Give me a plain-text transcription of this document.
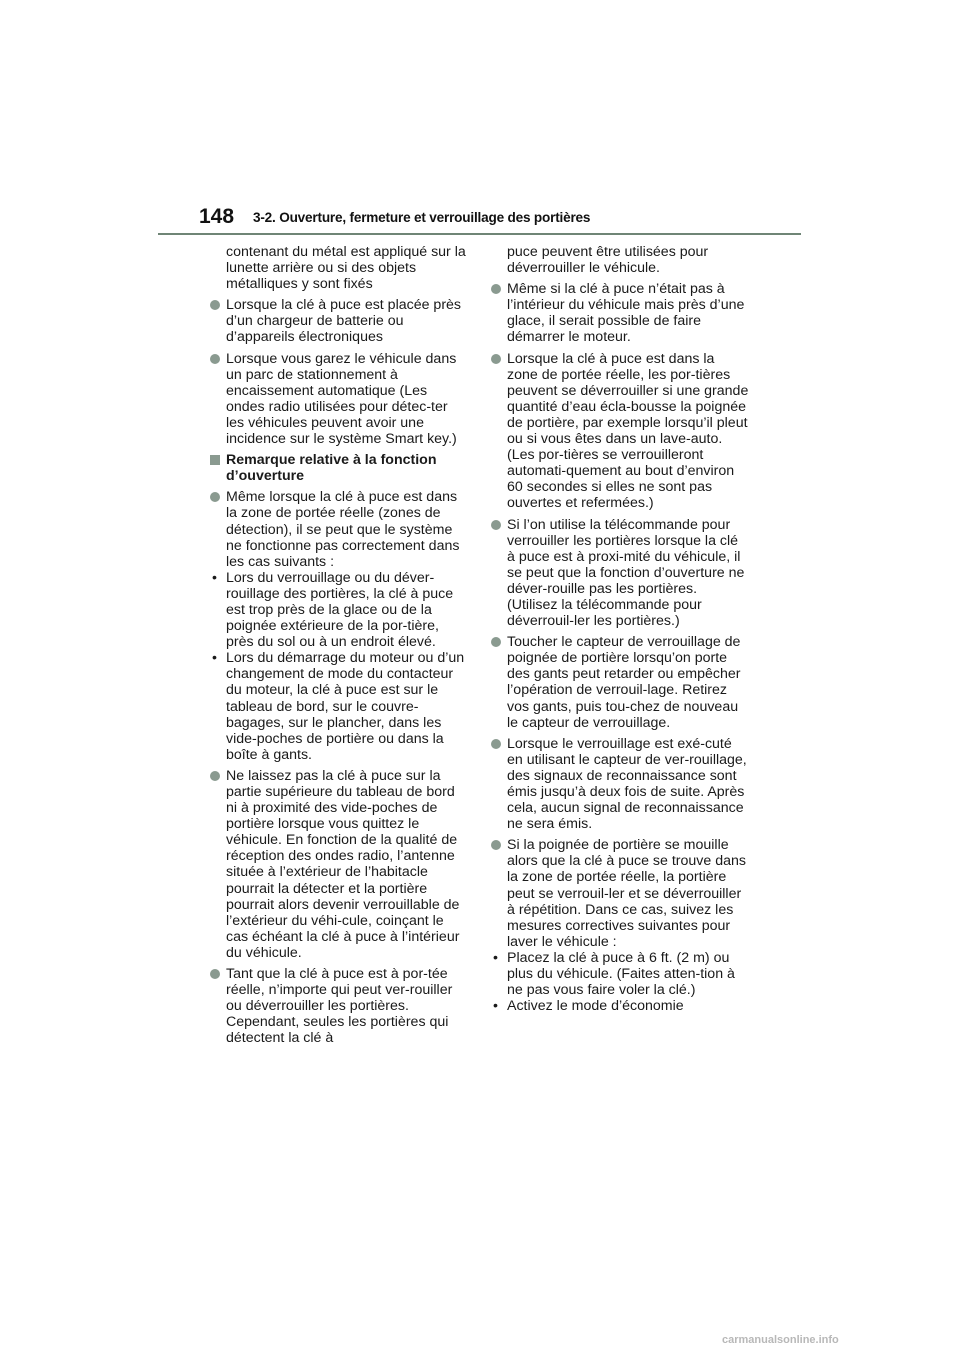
148 3-2. Ouverture, fermeture et verrouillage des portières
contenant du métal est appliqué sur la lunette arrière ou si des objets métalliques y sont fixés
Lorsque la clé à puce est placée près d’un chargeur de batterie ou d’appareils électroniques
Lorsque vous garez le véhicule dans un parc de stationnement à encaissement automatique (Les ondes radio utilisées pour détec-ter les véhicules peuvent avoir une incidence sur le système Smart key.)
Remarque relative à la fonction d’ouverture
Même lorsque la clé à puce est dans la zone de portée réelle (zones de détection), il se peut que le système ne fonctionne pas correctement dans les cas suivants :
• Lors du verrouillage ou du déver-rouillage des portières, la clé à puce est trop près de la glace ou de la poignée extérieure de la por-tière, près du sol ou à un endroit élevé.
• Lors du démarrage du moteur ou d’un changement de mode du contacteur du moteur, la clé à puce est sur le tableau de bord, sur le couvre-bagages, sur le plancher, dans les vide-poches de portière ou dans la boîte à gants.
Ne laissez pas la clé à puce sur la partie supérieure du tableau de bord ni à proximité des vide-poches de portière lorsque vous quittez le véhicule. En fonction de la qualité de réception des ondes radio, l’antenne située à l’extérieur de l’habitacle pourrait la détecter et la portière pourrait alors devenir verrouillable de l’extérieur du véhi-cule, coinçant le cas échéant la clé à puce à l’intérieur du véhicule.
Tant que la clé à puce est à por-tée réelle, n’importe qui peut ver-rouiller ou déverrouiller les portières. Cependant, seules les portières qui détectent la clé à
puce peuvent être utilisées pour déverrouiller le véhicule.
Même si la clé à puce n’était pas à l’intérieur du véhicule mais près d’une glace, il serait possible de faire démarrer le moteur.
Lorsque la clé à puce est dans la zone de portée réelle, les por-tières peuvent se déverrouiller si une grande quantité d’eau écla-bousse la poignée de portière, par exemple lorsqu’il pleut ou si vous êtes dans un lave-auto. (Les por-tières se verrouilleront automati-quement au bout d’environ 60 secondes si elles ne sont pas ouvertes et refermées.)
Si l’on utilise la télécommande pour verrouiller les portières lorsque la clé à puce est à proxi-mité du véhicule, il se peut que la fonction d’ouverture ne déver-rouille pas les portières. (Utilisez la télécommande pour déverrouil-ler les portières.)
Toucher le capteur de verrouillage de poignée de portière lorsqu’on porte des gants peut retarder ou empêcher l’opération de verrouil-lage. Retirez vos gants, puis tou-chez de nouveau le capteur de verrouillage.
Lorsque le verrouillage est exé-cuté en utilisant le capteur de ver-rouillage, des signaux de reconnaissance sont émis jusqu’à deux fois de suite. Après cela, aucun signal de reconnaissance ne sera émis.
Si la poignée de portière se mouille alors que la clé à puce se trouve dans la zone de portée réelle, la portière peut se verrouil-ler et se déverrouiller à répétition. Dans ce cas, suivez les mesures correctives suivantes pour laver le véhicule :
• Placez la clé à puce à 6 ft. (2 m) ou plus du véhicule. (Faites atten-tion à ne pas vous faire voler la clé.)
• Activez le mode d’économie
carmanualsonline.info
